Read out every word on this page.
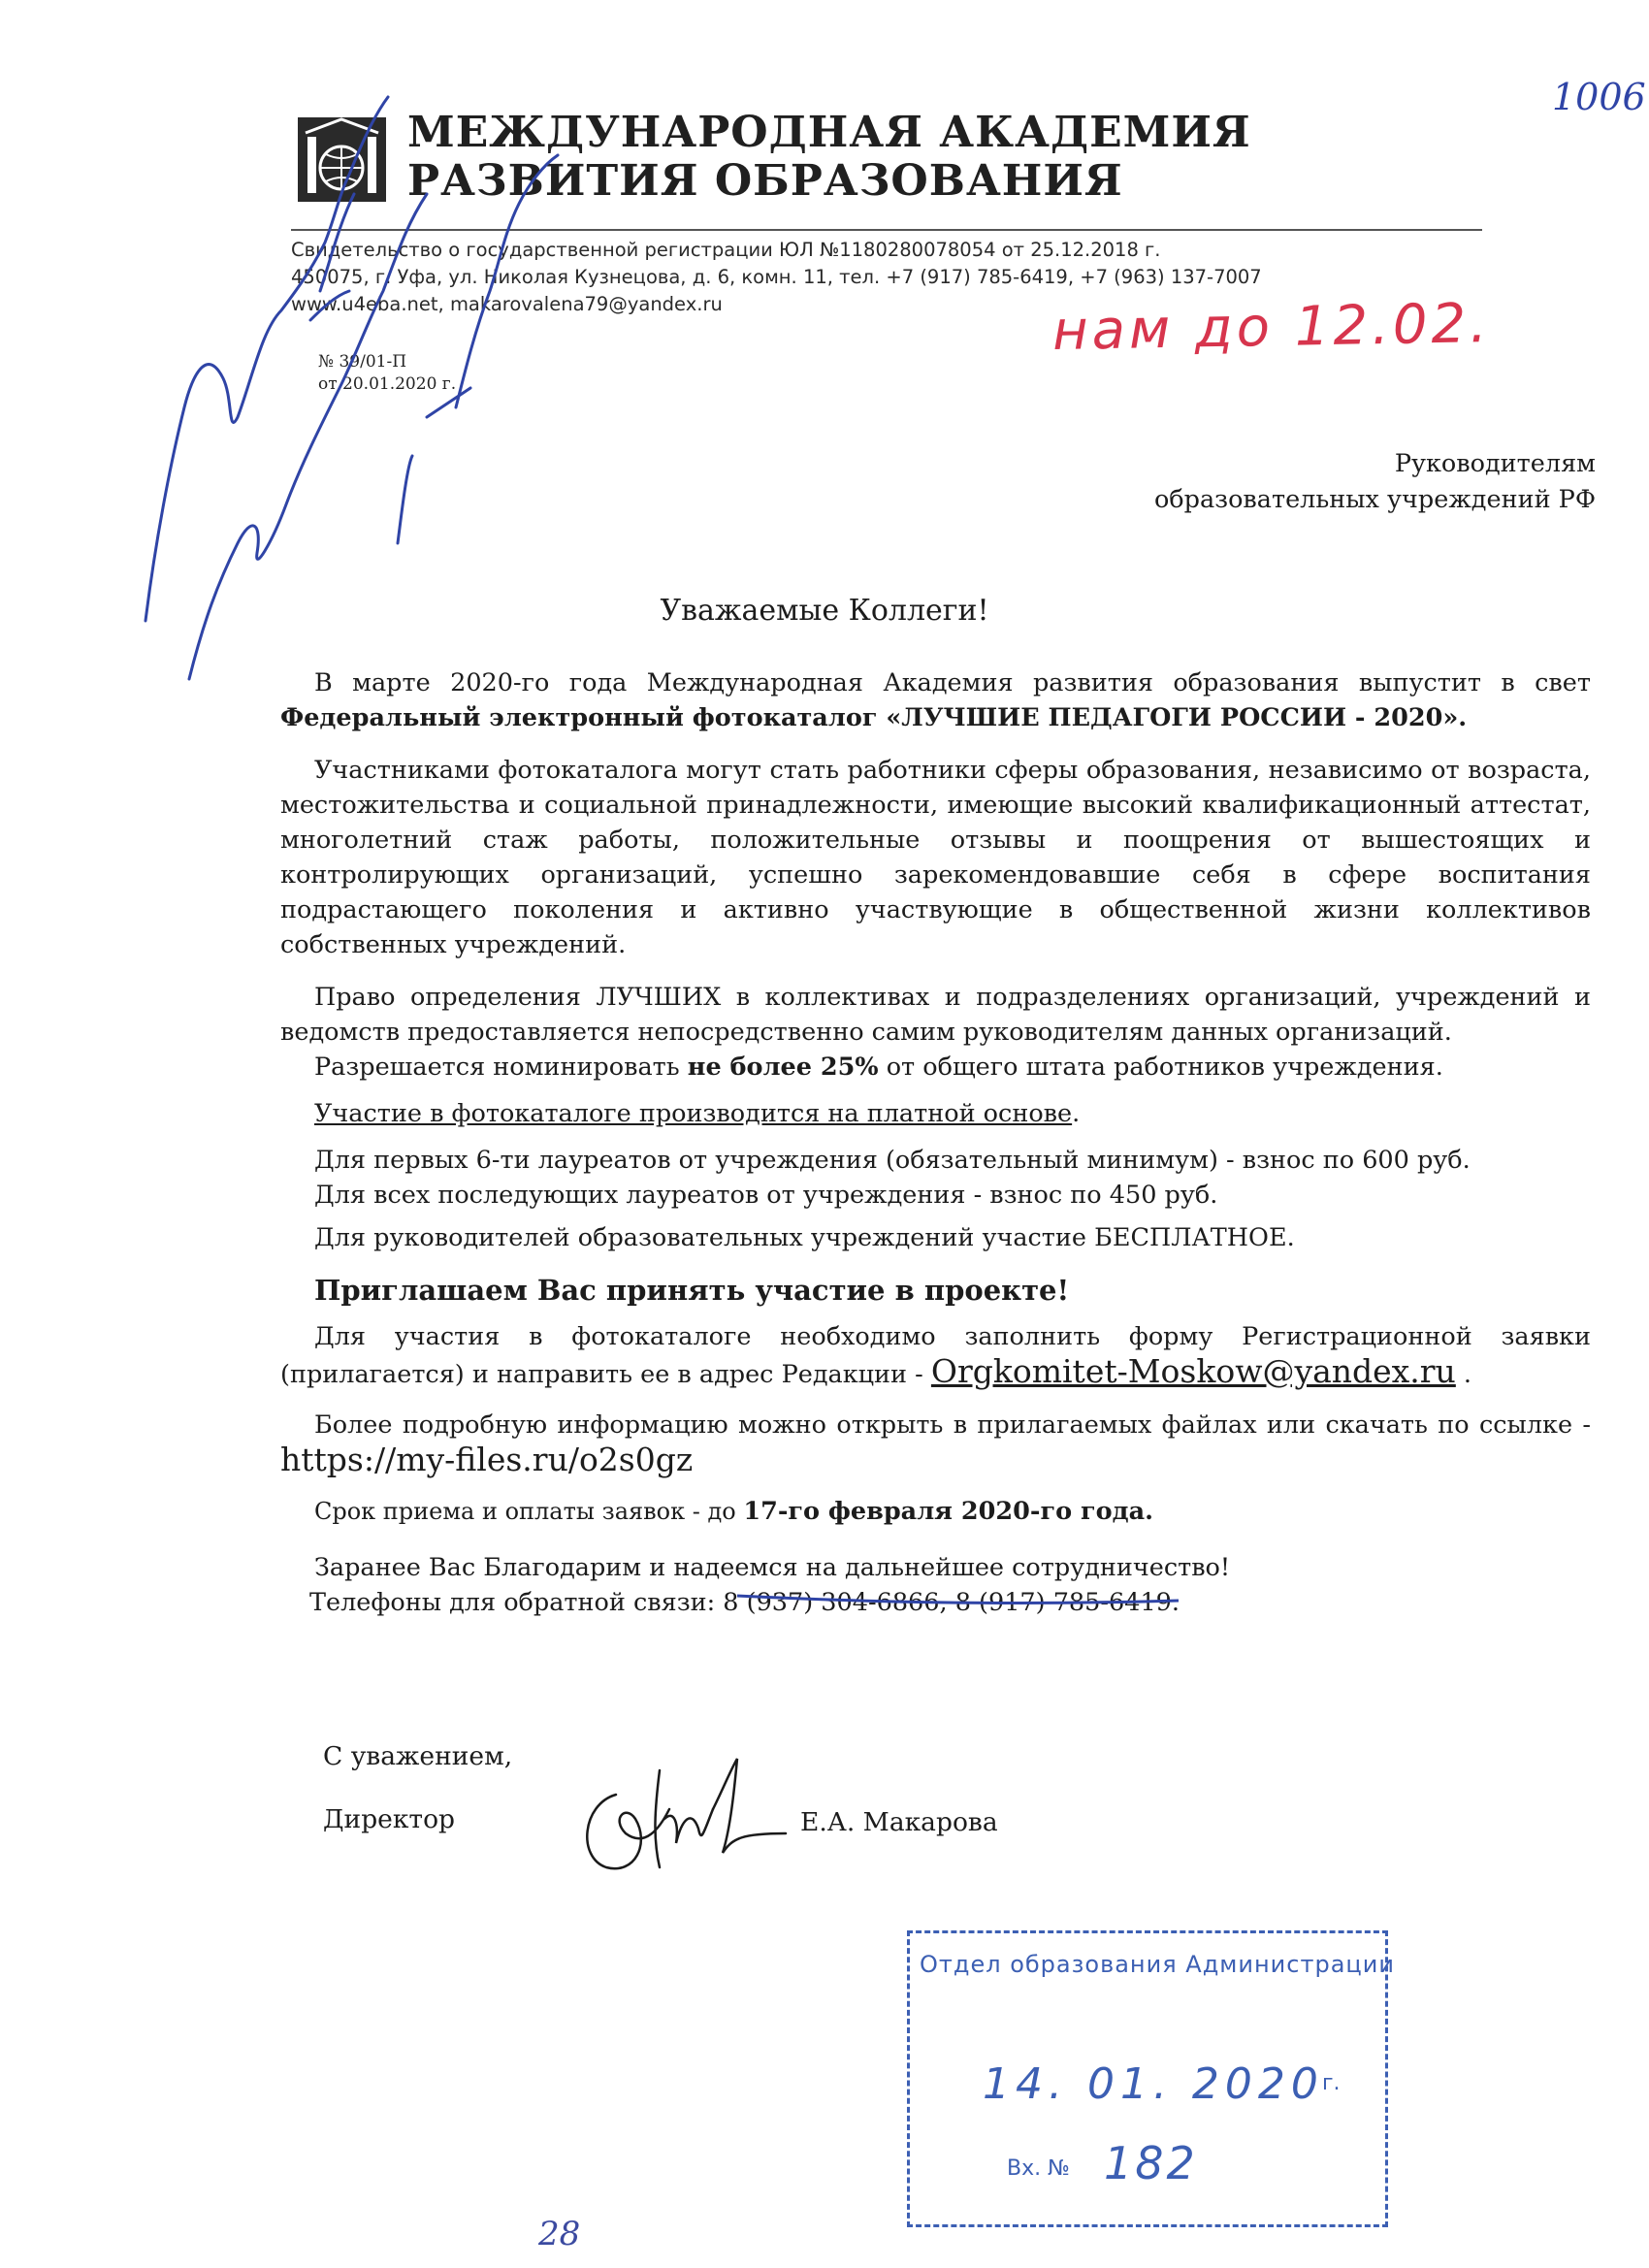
МЕЖДУНАРОДНАЯ АКАДЕМИЯ
РАЗВИТИЯ ОБРАЗОВАНИЯ
Свидетельство о государственной регистрации ЮЛ №1180280078054 от 25.12.2018 г.
450075, г. Уфа, ул. Николая Кузнецова, д. 6, комн. 11, тел. +7 (917) 785-6419, +7 (963) 137-7007
www.u4eba.net, makarovalena79@yandex.ru
№ 39/01-П
от 20.01.2020 г.
1006
нам до 12.02.
Руководителям
образовательных учреждений РФ
Уважаемые Коллеги!

В марте 2020-го года Международная Академия развития образования выпустит в свет Федеральный электронный фотокаталог «ЛУЧШИЕ ПЕДАГОГИ РОССИИ - 2020».

Участниками фотокаталога могут стать работники сферы образования, независимо от возраста, местожительства и социальной принадлежности, имеющие высокий квалификационный аттестат, многолетний стаж работы, положительные отзывы и поощрения от вышестоящих и контролирующих организаций, успешно зарекомендовавшие себя в сфере воспитания подрастающего поколения и активно участвующие в общественной жизни коллективов собственных учреждений.

Право определения ЛУЧШИХ в коллективах и подразделениях организаций, учреждений и ведомств предоставляется непосредственно самим руководителям данных организаций.

Разрешается номинировать не более 25% от общего штата работников учреждения.

Участие в фотокаталоге производится на платной основе.

Для первых 6-ти лауреатов от учреждения (обязательный минимум) - взнос по 600 руб.

Для всех последующих лауреатов от учреждения - взнос по 450 руб.

Для руководителей образовательных учреждений участие БЕСПЛАТНОЕ.

Приглашаем Вас принять участие в проекте!

Для участия в фотокаталоге необходимо заполнить форму Регистрационной заявки (прилагается) и направить ее в адрес Редакции - Orgkomitet-Moskow@yandex.ru .

Более подробную информацию можно открыть в прилагаемых файлах или скачать по ссылке - https://my-files.ru/o2s0gz

Срок приема и оплаты заявок - до 17-го февраля 2020-го года.

Заранее Вас Благодарим и надеемся на дальнейшее сотрудничество!

Телефоны для обратной связи: 8 (937) 304-6866, 8 (917) 785-6419.

С уважением,
Директор	Е.А. Макарова
Отдел образования Администрации
14. 01. 2020
г.
Вх. № 182
28
